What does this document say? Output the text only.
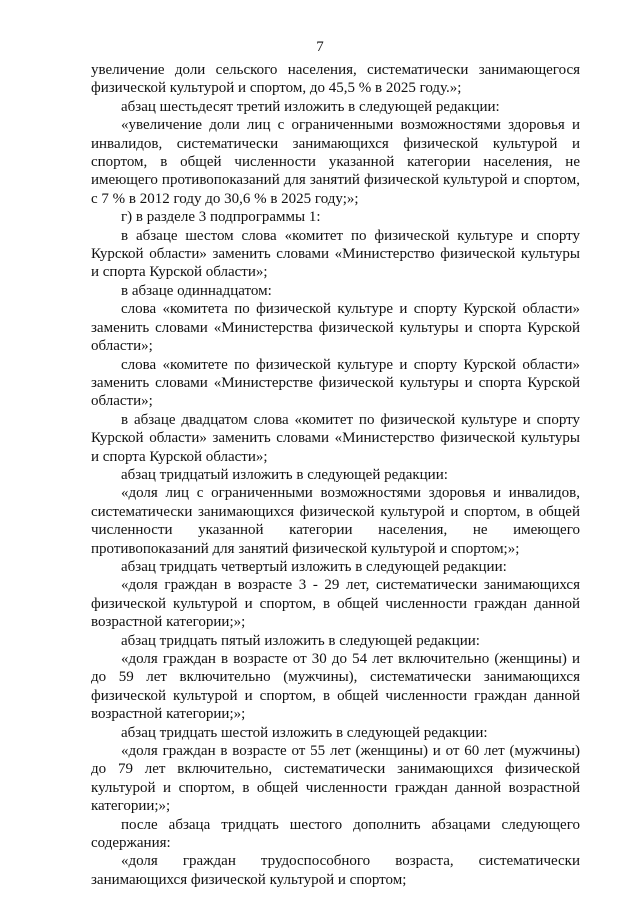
7

увеличение доли сельского населения, систематически занимающегося физической культурой и спортом, до 45,5 % в 2025 году.»;

абзац шестьдесят третий изложить в следующей редакции:

«увеличение доли лиц с ограниченными возможностями здоровья и инвалидов, систематически занимающихся физической культурой и спортом, в общей численности указанной категории населения, не имеющего противопоказаний для занятий физической культурой и спортом, с 7 % в 2012 году до 30,6 % в 2025 году;»;

г) в разделе 3 подпрограммы 1:

в абзаце шестом слова «комитет по физической культуре и спорту Курской области» заменить словами «Министерство физической культуры и спорта Курской области»;

в абзаце одиннадцатом:

слова «комитета по физической культуре и спорту Курской области» заменить словами «Министерства физической культуры и спорта Курской области»;

слова «комитете по физической культуре и спорту Курской области» заменить словами «Министерстве физической культуры и спорта Курской области»;

в абзаце двадцатом слова «комитет по физической культуре и спорту Курской области» заменить словами «Министерство физической культуры и спорта Курской области»;

абзац тридцатый изложить в следующей редакции:

«доля лиц с ограниченными возможностями здоровья и инвалидов, систематически занимающихся физической культурой и спортом, в общей численности указанной категории населения, не имеющего противопоказаний для занятий физической культурой и спортом;»;

абзац тридцать четвертый изложить в следующей редакции:

«доля граждан в возрасте 3 - 29 лет, систематически занимающихся физической культурой и спортом, в общей численности граждан данной возрастной категории;»;

абзац тридцать пятый изложить в следующей редакции:

«доля граждан в возрасте от 30 до 54 лет включительно (женщины) и до 59 лет включительно (мужчины), систематически занимающихся физической культурой и спортом, в общей численности граждан данной возрастной категории;»;

абзац тридцать шестой изложить в следующей редакции:

«доля граждан в возрасте от 55 лет (женщины) и от 60 лет (мужчины) до 79 лет включительно, систематически занимающихся физической культурой и спортом, в общей численности граждан данной возрастной категории;»;

после абзаца тридцать шестого дополнить абзацами следующего содержания:

«доля граждан трудоспособного возраста, систематически занимающихся физической культурой и спортом;
